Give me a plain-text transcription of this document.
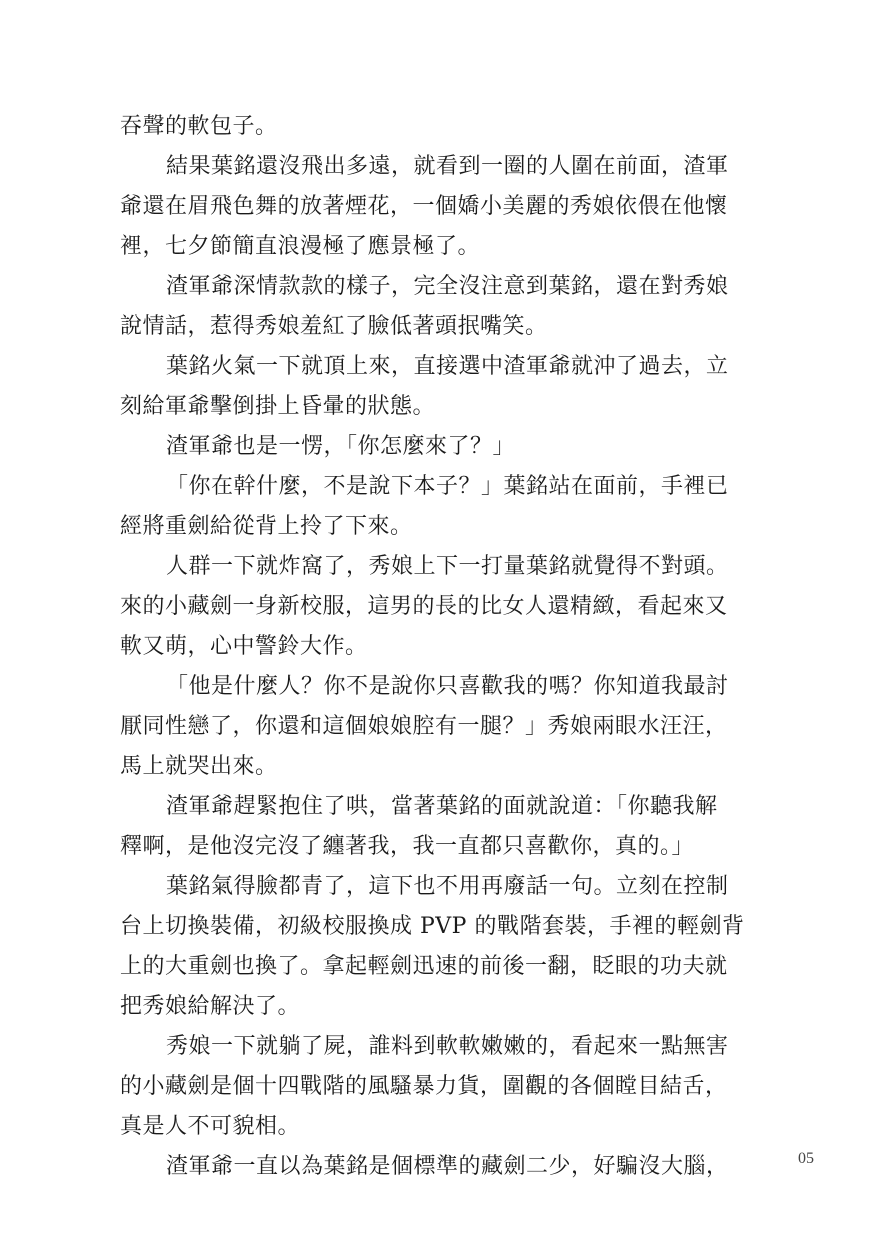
吞聲的軟包子。
結果葉銘還沒飛出多遠，就看到一圈的人圍在前面，渣軍
爺還在眉飛色舞的放著煙花，一個嬌小美麗的秀娘依偎在他懷
裡，七夕節簡直浪漫極了應景極了。
渣軍爺深情款款的樣子，完全沒注意到葉銘，還在對秀娘
說情話，惹得秀娘羞紅了臉低著頭抿嘴笑。
葉銘火氣一下就頂上來，直接選中渣軍爺就沖了過去，立
刻給軍爺擊倒掛上昏暈的狀態。
渣軍爺也是一愣，「你怎麼來了？」
「你在幹什麼，不是說下本子？」葉銘站在面前，手裡已
經將重劍給從背上拎了下來。
人群一下就炸窩了，秀娘上下一打量葉銘就覺得不對頭。
來的小藏劍一身新校服，這男的長的比女人還精緻，看起來又
軟又萌，心中警鈴大作。
「他是什麼人？你不是說你只喜歡我的嗎？你知道我最討
厭同性戀了，你還和這個娘娘腔有一腿？」秀娘兩眼水汪汪，
馬上就哭出來。
渣軍爺趕緊抱住了哄，當著葉銘的面就說道：「你聽我解
釋啊，是他沒完沒了纏著我，我一直都只喜歡你，真的。」
葉銘氣得臉都青了，這下也不用再廢話一句。立刻在控制
台上切換裝備，初級校服換成 PVP 的戰階套裝，手裡的輕劍背
上的大重劍也換了。拿起輕劍迅速的前後一翻，眨眼的功夫就
把秀娘給解決了。
秀娘一下就躺了屍，誰料到軟軟嫩嫩的，看起來一點無害
的小藏劍是個十四戰階的風騷暴力貨，圍觀的各個瞠目結舌，
真是人不可貌相。
渣軍爺一直以為葉銘是個標準的藏劍二少，好騙沒大腦，	05
